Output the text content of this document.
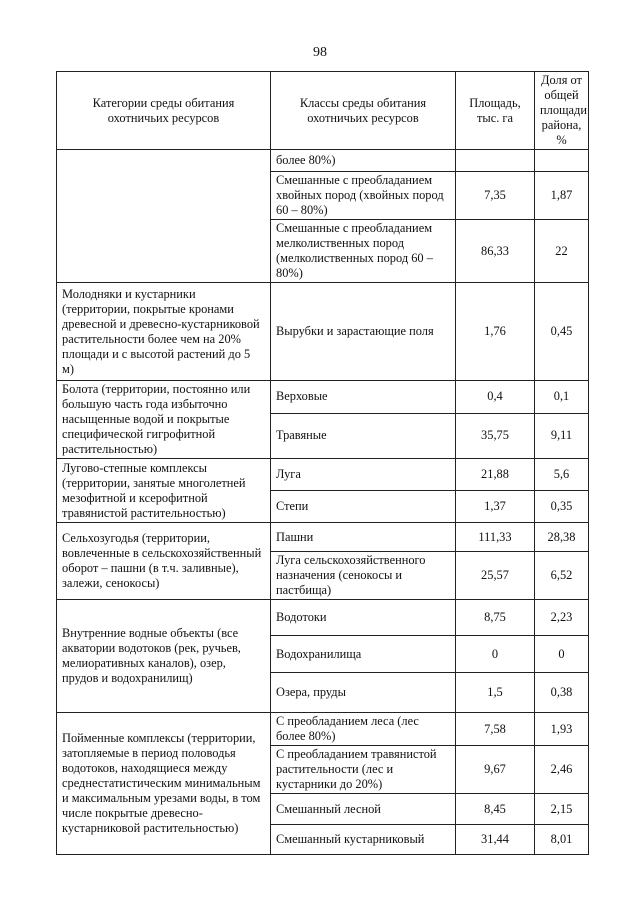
98
Категории среды обитания охотничьих ресурсов	Классы среды обитания охотничьих ресурсов	Площадь, тыс. га	Доля от общей площади района, %
	более 80%)		
	Смешанные с преобладанием хвойных пород (хвойных пород 60 – 80%)	7,35	1,87
	Смешанные с преобладанием мелколиственных пород (мелколиственных пород 60 – 80%)	86,33	22
Молодняки и кустарники (территории, покрытые кронами древесной и древесно-кустарниковой растительности более чем на 20% площади и с высотой растений до 5 м)	Вырубки и зарастающие поля	1,76	0,45
Болота (территории, постоянно или большую часть года избыточно насыщенные водой и покрытые специфической гигрофитной растительностью)	Верховые	0,4	0,1
	Травяные	35,75	9,11
Лугово-степные комплексы (территории, занятые многолетней мезофитной и ксерофитной травянистой растительностью)	Луга	21,88	5,6
	Степи	1,37	0,35
Сельхозугодья (территории, вовлеченные в сельскохозяйственный оборот – пашни (в т.ч. заливные), залежи, сенокосы)	Пашни	111,33	28,38
	Луга сельскохозяйственного назначения (сенокосы и пастбища)	25,57	6,52
Внутренние водные объекты (все акватории водотоков (рек, ручьев, мелиоративных каналов), озер, прудов и водохранилищ)	Водотоки	8,75	2,23
	Водохранилища	0	0
	Озера, пруды	1,5	0,38
Пойменные комплексы (территории, затопляемые в период половодья водотоков, находящиеся между среднестатистическим минимальным и максимальным урезами воды, в том числе покрытые древесно-кустарниковой растительностью)	С преобладанием леса (лес более 80%)	7,58	1,93
	С преобладанием травянистой растительности (лес и кустарники до 20%)	9,67	2,46
	Смешанный лесной	8,45	2,15
	Смешанный кустарниковый	31,44	8,01
